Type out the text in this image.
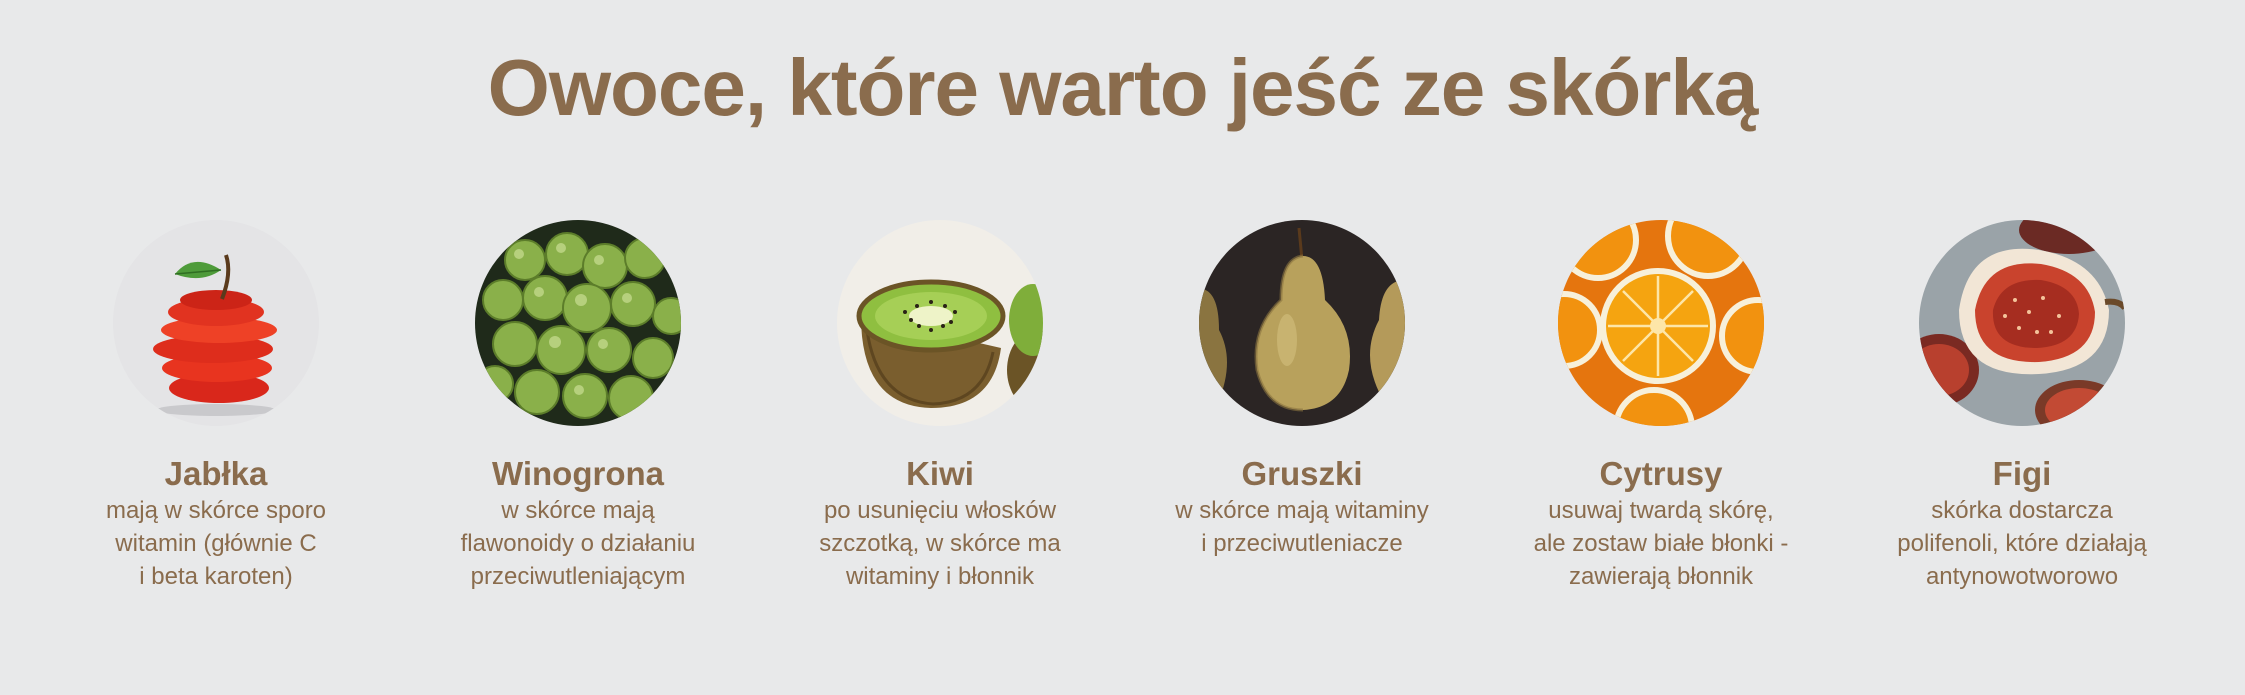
Owoce, które warto jeść ze skórką
Jabłka
mają w skórce sporo
witamin (głównie C
i beta karoten)
Winogrona
w skórce mają
flawonoidy o działaniu
przeciwutleniającym
Kiwi
po usunięciu włosków
szczotką, w skórce ma
witaminy i błonnik
Gruszki
w skórce mają witaminy
i przeciwutleniacze
Cytrusy
usuwaj twardą skórę,
ale zostaw białe błonki -
zawierają błonnik
Figi
skórka dostarcza
polifenoli, które działają
antynowotworowo
